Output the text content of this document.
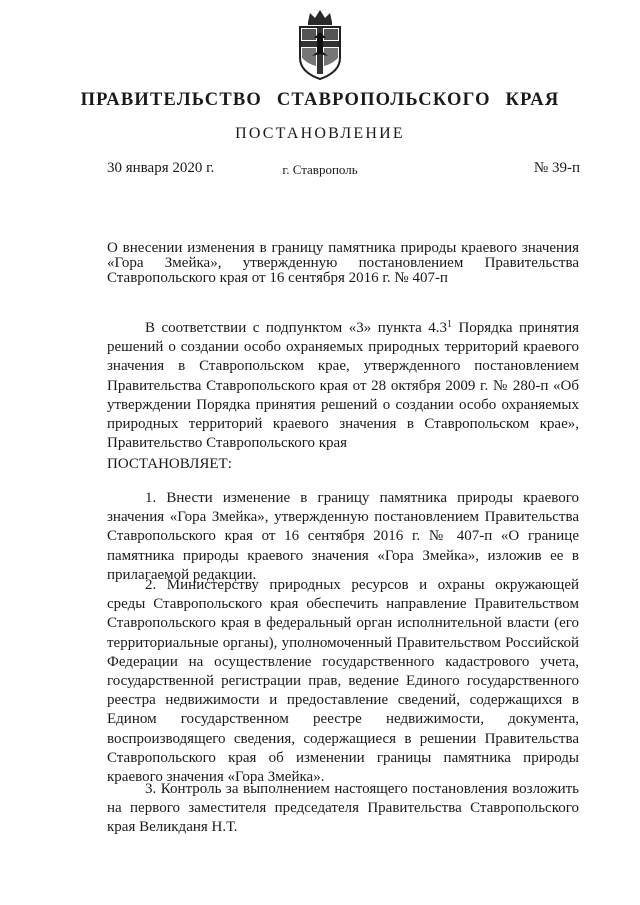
ПРАВИТЕЛЬСТВО СТАВРОПОЛЬСКОГО КРАЯ
ПОСТАНОВЛЕНИЕ
30 января 2020 г.	г. Ставрополь	№ 39-п
О внесении изменения в границу памятника природы краевого значения «Гора Змейка», утвержденную постановлением Правительства Ставропольского края от 16 сентября 2016 г. № 407-п
В соответствии с подпунктом «3» пункта $4.3^1$ Порядка принятия решений о создании особо охраняемых природных территорий краевого значения в Ставропольском крае, утвержденного постановлением Правительства Ставропольского края от 28 октября 2009 г. № 280-п «Об утверждении Порядка принятия решений о создании особо охраняемых природных территорий краевого значения в Ставропольском крае», Правительство Ставропольского края
ПОСТАНОВЛЯЕТ:
1. Внести изменение в границу памятника природы краевого значения «Гора Змейка», утвержденную постановлением Правительства Ставропольского края от 16 сентября 2016 г. № 407-п «О границе памятника природы краевого значения «Гора Змейка», изложив ее в прилагаемой редакции.
2. Министерству природных ресурсов и охраны окружающей среды Ставропольского края обеспечить направление Правительством Ставропольского края в федеральный орган исполнительной власти (его территориальные органы), уполномоченный Правительством Российской Федерации на осуществление государственного кадастрового учета, государственной регистрации прав, ведение Единого государственного реестра недвижимости и предоставление сведений, содержащихся в Едином государственном реестре недвижимости, документа, воспроизводящего сведения, содержащиеся в решении Правительства Ставропольского края об изменении границы памятника природы краевого значения «Гора Змейка».
3. Контроль за выполнением настоящего постановления возложить на первого заместителя председателя Правительства Ставропольского края Великданя Н.Т.
